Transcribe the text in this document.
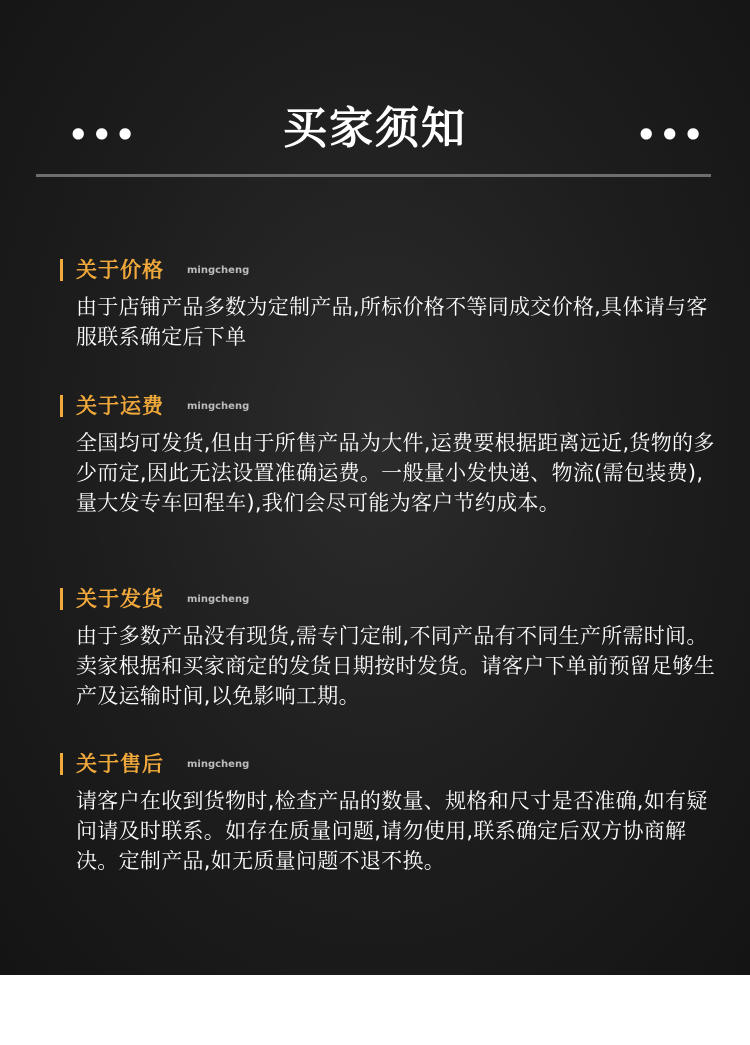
•••	买家须知	•••
关于价格 mingcheng
由于店铺产品多数为定制产品,所标价格不等同成交价格,具体请与客服联系确定后下单
关于运费 mingcheng
全国均可发货,但由于所售产品为大件,运费要根据距离远近,货物的多少而定,因此无法设置准确运费。一般量小发快递、物流(需包装费),量大发专车回程车),我们会尽可能为客户节约成本。
关于发货 mingcheng
由于多数产品没有现货,需专门定制,不同产品有不同生产所需时间。卖家根据和买家商定的发货日期按时发货。请客户下单前预留足够生产及运输时间,以免影响工期。
关于售后 mingcheng
请客户在收到货物时,检查产品的数量、规格和尺寸是否准确,如有疑问请及时联系。如存在质量问题,请勿使用,联系确定后双方协商解决。定制产品,如无质量问题不退不换。
